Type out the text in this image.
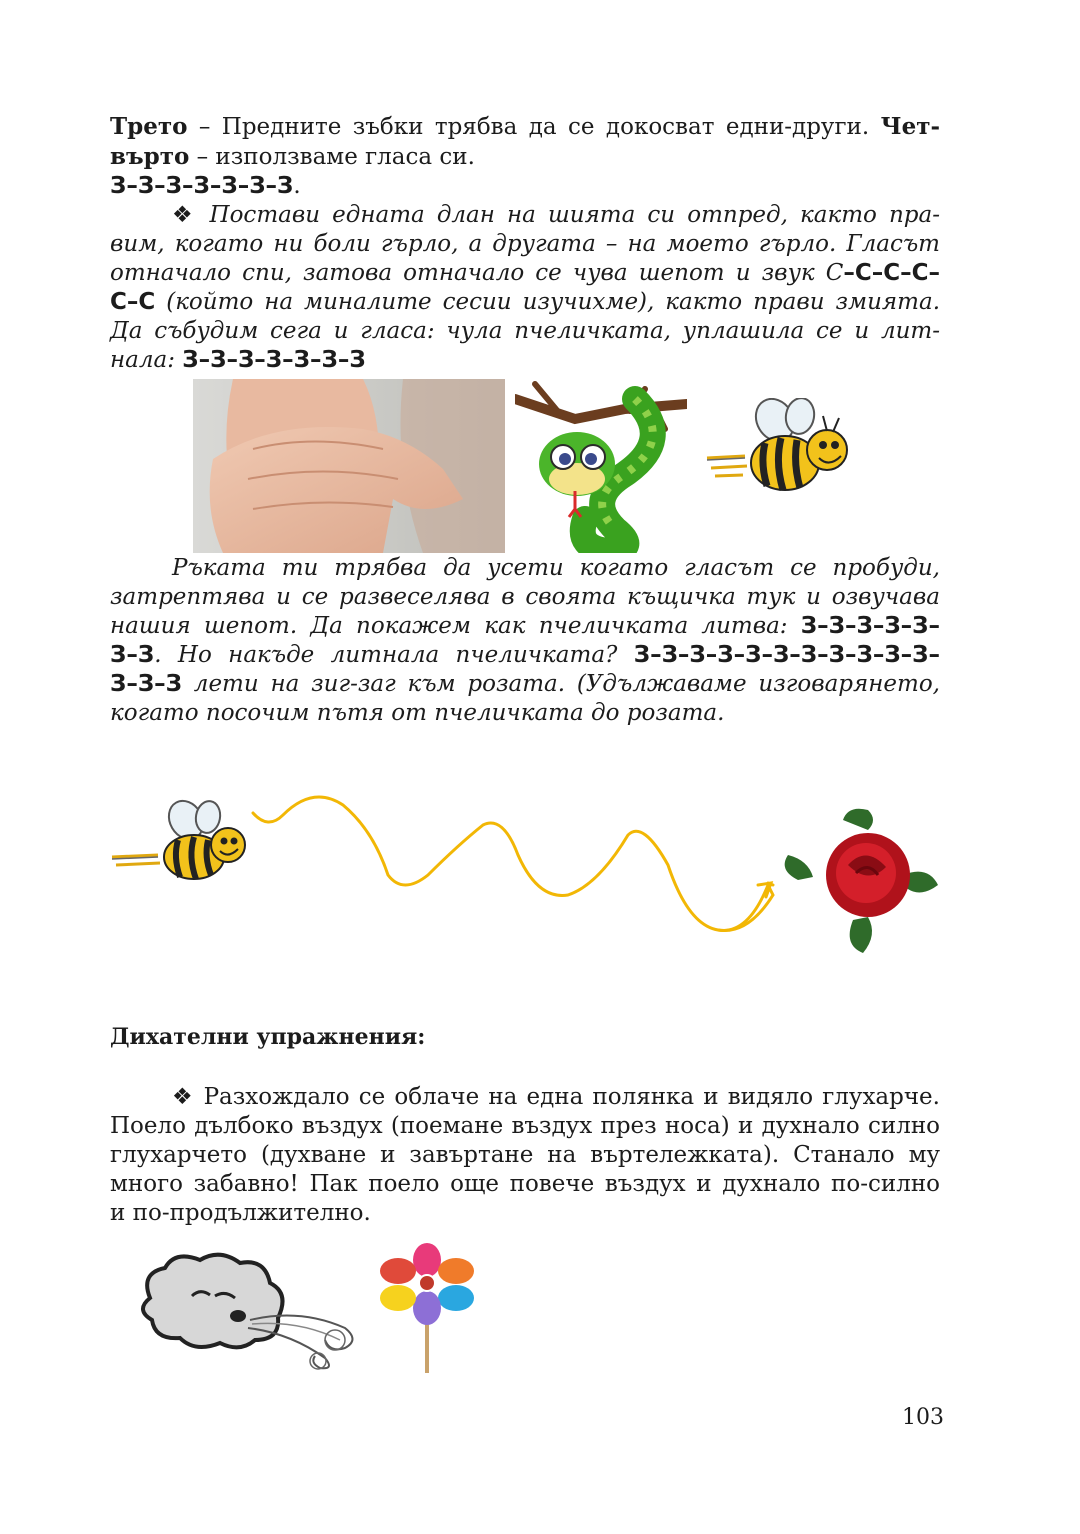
Трето – Предните зъбки трябва да се докосват едни-други. Чет-
върто – използваме гласа си.
З–З–З–З–З–З–З.
❖ Постави едната длан на шията си отпред, както пра-
вим, когато ни боли гърло, а другата – на моето гърло. Гласът
отначало спи, затова отначало се чува шепот и звук С–С–С–С–
С–С (който на миналите сесии изучихме), както прави змията.
Да събудим сега и гласа: чула пчеличката, уплашила се и лит-
нала: З–З–З–З–З–З–З
Ръката ти трябва да усети когато гласът се пробуди,
затрептява и се развеселява в своята къщичка тук и озвучава
нашия шепот. Да покажем как пчеличката литва: З–З–З–З–З–
З–З. Но накъде литнала пчеличката? З–З–З–З–З–З–З–З–З–З–З–
З–З–З лети на зиг-заг към розата. (Удължаваме изговарянето,
когато посочим пътя от пчеличката до розата.
Дихателни упражнения:
❖ Разхождало се облаче на една полянка и видяло глухарче.
Поело дълбоко въздух (поемане въздух през носа) и духнало силно
глухарчето (духване и завъртане на въртележката). Станало му
много забавно! Пак поело още повече въздух и духнало по-силно
и по-продължително.
103
